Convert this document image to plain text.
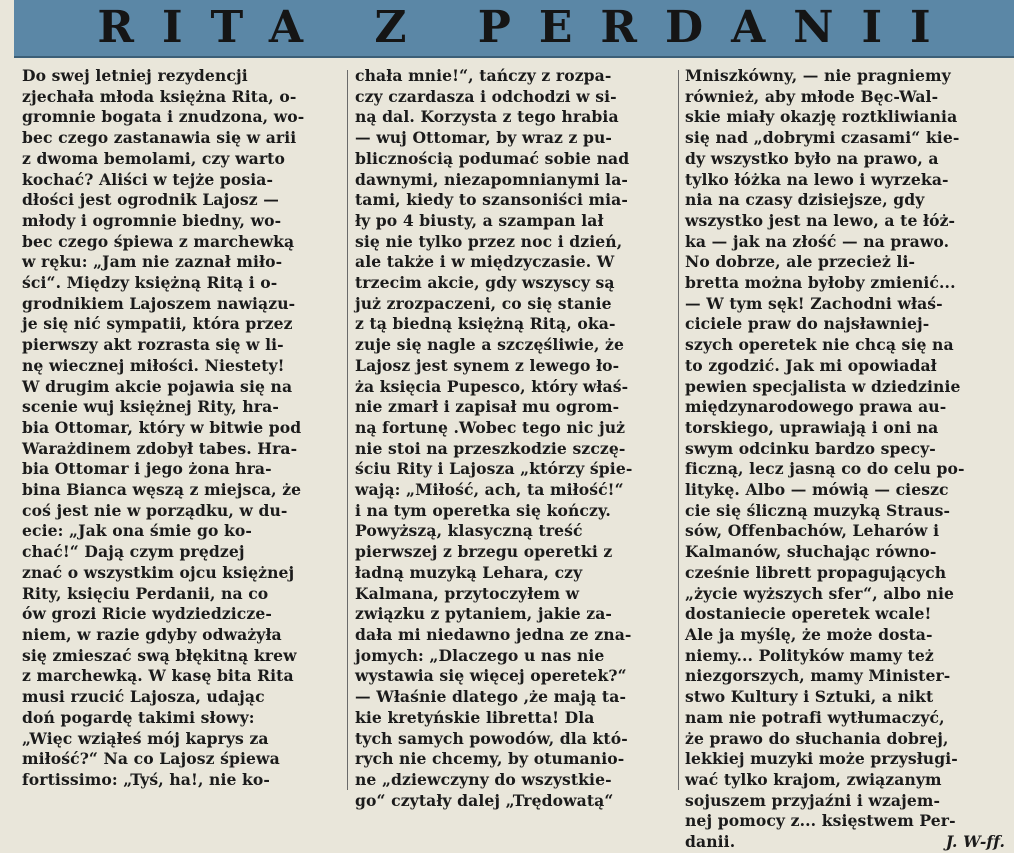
RITA Z PERDANII
Do swej letniej rezydencji
zjechała młoda księżna Rita, o-
gromnie bogata i znudzona, wo-
bec czego zastanawia się w arii
z dwoma bemolami, czy warto
kochać? Aliści w tejże posia-
dłości jest ogrodnik Lajosz —
młody i ogromnie biedny, wo-
bec czego śpiewa z marchewką
w ręku: „Jam nie zaznał miło-
ści“. Między księżną Ritą i o-
grodnikiem Lajoszem nawiązu-
je się nić sympatii, która przez
pierwszy akt rozrasta się w li-
nę wiecznej miłości. Niestety!
W drugim akcie pojawia się na
scenie wuj księżnej Rity, hra-
bia Ottomar, który w bitwie pod
Warażdinem zdobył tabes. Hra-
bia Ottomar i jego żona hra-
bina Bianca węszą z miejsca, że
coś jest nie w porządku, w du-
ecie: „Jak ona śmie go ko-
chać!“ Dają czym prędzej
znać o wszystkim ojcu księżnej
Rity, księciu Perdanii, na co
ów grozi Ricie wydziedzicze-
niem, w razie gdyby odważyła
się zmieszać swą błękitną krew
z marchewką. W kasę bita Rita
musi rzucić Lajosza, udając
doń pogardę takimi słowy:
„Więc wziąłeś mój kaprys za
miłość?“ Na co Lajosz śpiewa
fortissimo: „Tyś, ha!, nie ko-
chała mnie!“, tańczy z rozpa-
czy czardasza i odchodzi w si-
ną dal. Korzysta z tego hrabia
— wuj Ottomar, by wraz z pu-
blicznością podumać sobie nad
dawnymi, niezapomnianymi la-
tami, kiedy to szansoniści mia-
ły po 4 biusty, a szampan lał
się nie tylko przez noc i dzień,
ale także i w międzyczasie. W
trzecim akcie, gdy wszyscy są
już zrozpaczeni, co się stanie
z tą biedną księżną Ritą, oka-
zuje się nagle a szczęśliwie, że
Lajosz jest synem z lewego ło-
ża księcia Pupesco, który właś-
nie zmarł i zapisał mu ogrom-
ną fortunę .Wobec tego nic już
nie stoi na przeszkodzie szczę-
ściu Rity i Lajosza „którzy śpie-
wają: „Miłość, ach, ta miłość!“
i na tym operetka się kończy.
Powyższą, klasyczną treść
pierwszej z brzegu operetki z
ładną muzyką Lehara, czy
Kalmana, przytoczyłem w
związku z pytaniem, jakie za-
dała mi niedawno jedna ze zna-
jomych: „Dlaczego u nas nie
wystawia się więcej operetek?“
— Właśnie dlatego ,że mają ta-
kie kretyńskie libretta! Dla
tych samych powodów, dla któ-
rych nie chcemy, by otumanio-
ne „dziewczyny do wszystkie-
go“ czytały dalej „Trędowatą“
Mniszkówny, — nie pragniemy
również, aby młode Bęc-Wal-
skie miały okazję roztkliwiania
się nad „dobrymi czasami“ kie-
dy wszystko było na prawo, a
tylko łóżka na lewo i wyrzeka-
nia na czasy dzisiejsze, gdy
wszystko jest na lewo, a te łóż-
ka — jak na złość — na prawo.
No dobrze, ale przecież li-
bretta można byłoby zmienić...
— W tym sęk! Zachodni właś-
ciciele praw do najsławniej-
szych operetek nie chcą się na
to zgodzić. Jak mi opowiadał
pewien specjalista w dziedzinie
międzynarodowego prawa au-
torskiego, uprawiają i oni na
swym odcinku bardzo specy-
ficzną, lecz jasną co do celu po-
litykę. Albo — mówią — cieszc
cie się śliczną muzyką Straus-
sów, Offenbachów, Leharów i
Kalmanów, słuchając równo-
cześnie librett propagujących
„życie wyższych sfer“, albo nie
dostaniecie operetek wcale!
Ale ja myślę, że może dosta-
niemy... Polityków mamy też
niezgorszych, mamy Minister-
stwo Kultury i Sztuki, a nikt
nam nie potrafi wytłumaczyć,
że prawo do słuchania dobrej,
lekkiej muzyki może przysługi-
wać tylko krajom, związanym
sojuszem przyjaźni i wzajem-
nej pomocy z... księstwem Per-
danii.	J. W-ff.
